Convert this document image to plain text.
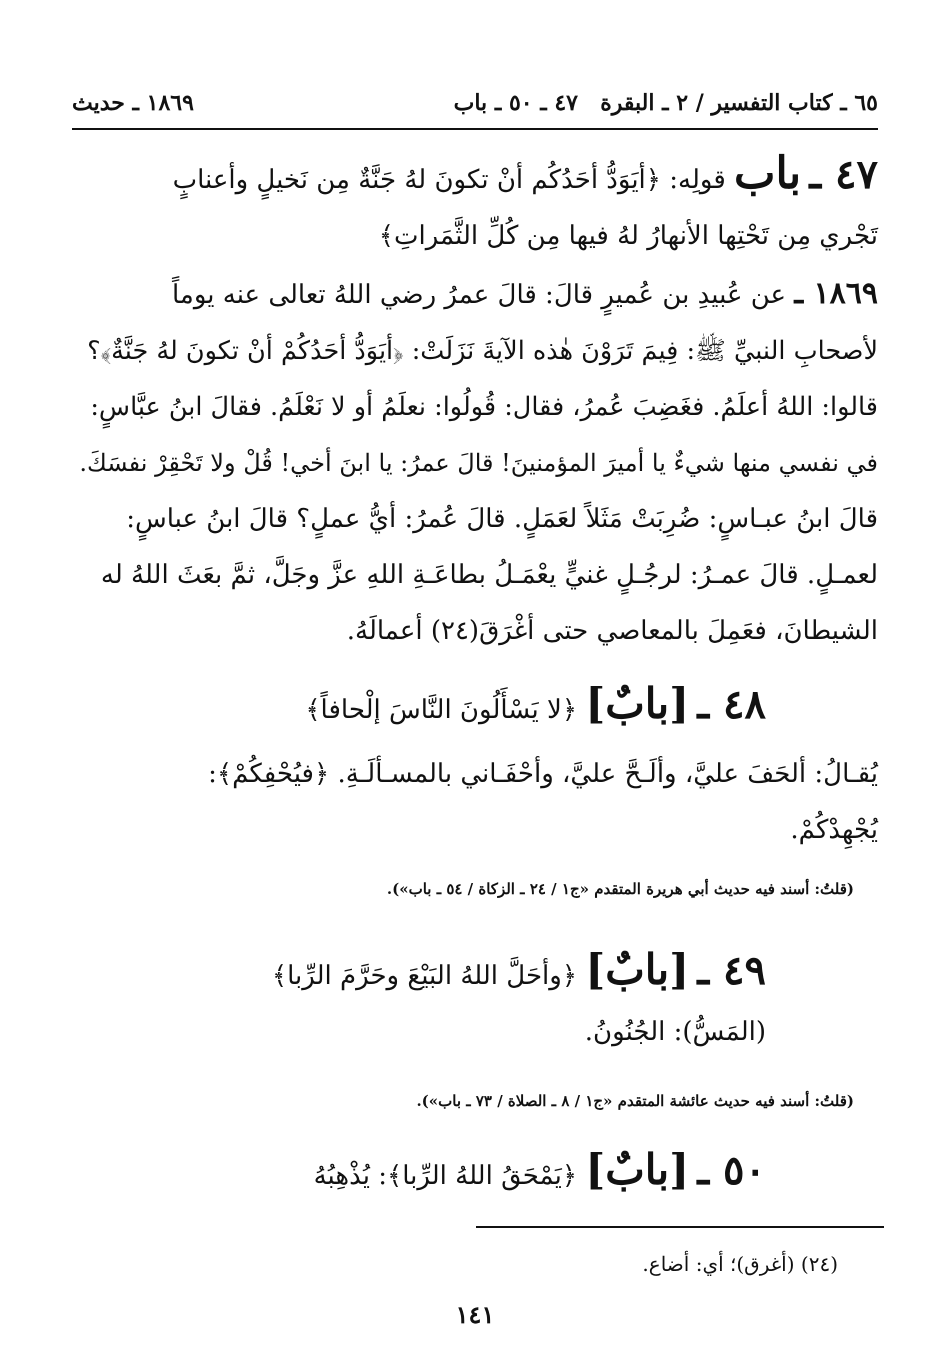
٦٥ ـ كتاب التفسير / ٢ ـ البقرة
٤٧ ـ ٥٠ ـ باب
١٨٦٩ ـ حديث
٤٧ ـ باب قولِه: ﴿أيَوَدُّ أحَدُكُم أنْ تكونَ لهُ جَنَّةٌ مِن نَخيلٍ وأعنابٍ
تَجْري مِن تَحْتِها الأنهارُ لهُ فيها مِن كُلِّ الثَّمَراتِ﴾
١٨٦٩ ـ عن عُبيدِ بن عُميرٍ قالَ: قالَ عمرُ رضي اللهُ تعالى عنه يوماً
لأصحابِ النبيِّ ﷺ: فِيمَ تَرَوْنَ هٰذه الآيةَ نَزَلَتْ: ﴿أيَوَدُّ أحَدُكُمْ أنْ تكونَ لهُ جَنَّةٌ﴾؟
قالوا: اللهُ أعلَمُ. فغَضِبَ عُمرُ، فقال: قُولُوا: نعلَمُ أو لا نَعْلَمُ. فقالَ ابنُ عبَّاسٍ:
في نفسي منها شيءٌ يا أميرَ المؤمنينَ! قالَ عمرُ: يا ابنَ أخي! قُلْ ولا تَحْقِرْ نفسَكَ.
قالَ ابنُ عبـاسٍ: ضُرِبَتْ مَثَلاً لعَمَلٍ. قالَ عُمرُ: أيُّ عملٍ؟ قالَ ابنُ عباسٍ:
لعمـلٍ. قالَ عمـرُ: لرجُـلٍ غنيٍّ يعْمَـلُ بطاعَـةِ اللهِ عزَّ وجَلَّ، ثمَّ بعَثَ اللهُ له
الشيطانَ، فعَمِلَ بالمعاصي حتى أغْرَقَ(٢٤) أعمالَهُ.
٤٨ ـ [بابٌ] ﴿لا يَسْأَلُونَ النَّاسَ إلْحافاً﴾
يُقـالُ: ألحَفَ عليَّ، وألَـحَّ عليَّ، وأحْفَـاني بالمسـألَـةِ. ﴿فيُحْفِكُمْ﴾:
يُجْهِدْكُمْ.
(قلتُ: أسند فيه حديث أبي هريرة المتقدم «ج١ / ٢٤ ـ الزكاة / ٥٤ ـ باب»).
٤٩ ـ [بابٌ] ﴿وأحَلَّ اللهُ البَيْعَ وحَرَّمَ الرِّبا﴾
(المَسُّ): الجُنُونُ.
(قلتُ: أسند فيه حديث عائشة المتقدم «ج١ / ٨ ـ الصلاة / ٧٣ ـ باب»).
٥٠ ـ [بابٌ] ﴿يَمْحَقُ اللهُ الرِّبا﴾: يُذْهِبُهُ
(٢٤) (أغرق)؛ أي: أضاع.
١٤١
